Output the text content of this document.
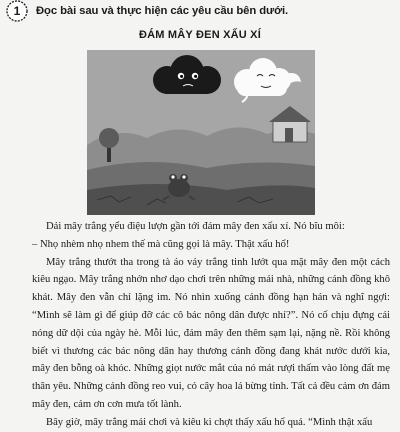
1	Đọc bài sau và thực hiện các yêu cầu bên dưới.
ĐÁM MÂY ĐEN XẤU XÍ

Dải mây trắng yểu điệu lượn gần tới đám mây đen xấu xí. Nó bĩu môi:

– Nhọ nhèm nhọ nhem thế mà cũng gọi là mây. Thật xấu hổ!

Mây trắng thướt tha trong tà áo váy trắng tinh lướt qua mặt mây đen một cách kiêu ngạo. Mây trắng nhởn nhơ dạo chơi trên những mái nhà, những cánh đồng khô khát. Mây đen vẫn chỉ lặng im. Nó nhìn xuống cánh đồng hạn hán và nghĩ ngợi: “Mình sẽ làm gì để giúp đỡ các cô bác nông dân được nhỉ?”. Nó cố chịu đựng cái nóng dữ dội của ngày hè. Mỗi lúc, đám mây đen thêm sạm lại, nặng nề. Rồi không biết vì thương các bác nông dân hay thương cánh đồng đang khát nước dưới kia, mây đen bỗng oà khóc. Những giọt nước mắt của nó mát rượi thấm vào lòng đất mẹ thân yêu. Những cánh đồng reo vui, cỏ cây hoa lá bừng tỉnh. Tất cả đều cảm ơn đám mây đen, cảm ơn cơn mưa tốt lành.

Bây giờ, mây trắng mải chơi và kiêu kì chợt thấy xấu hổ quá. “Mình thật xấu
